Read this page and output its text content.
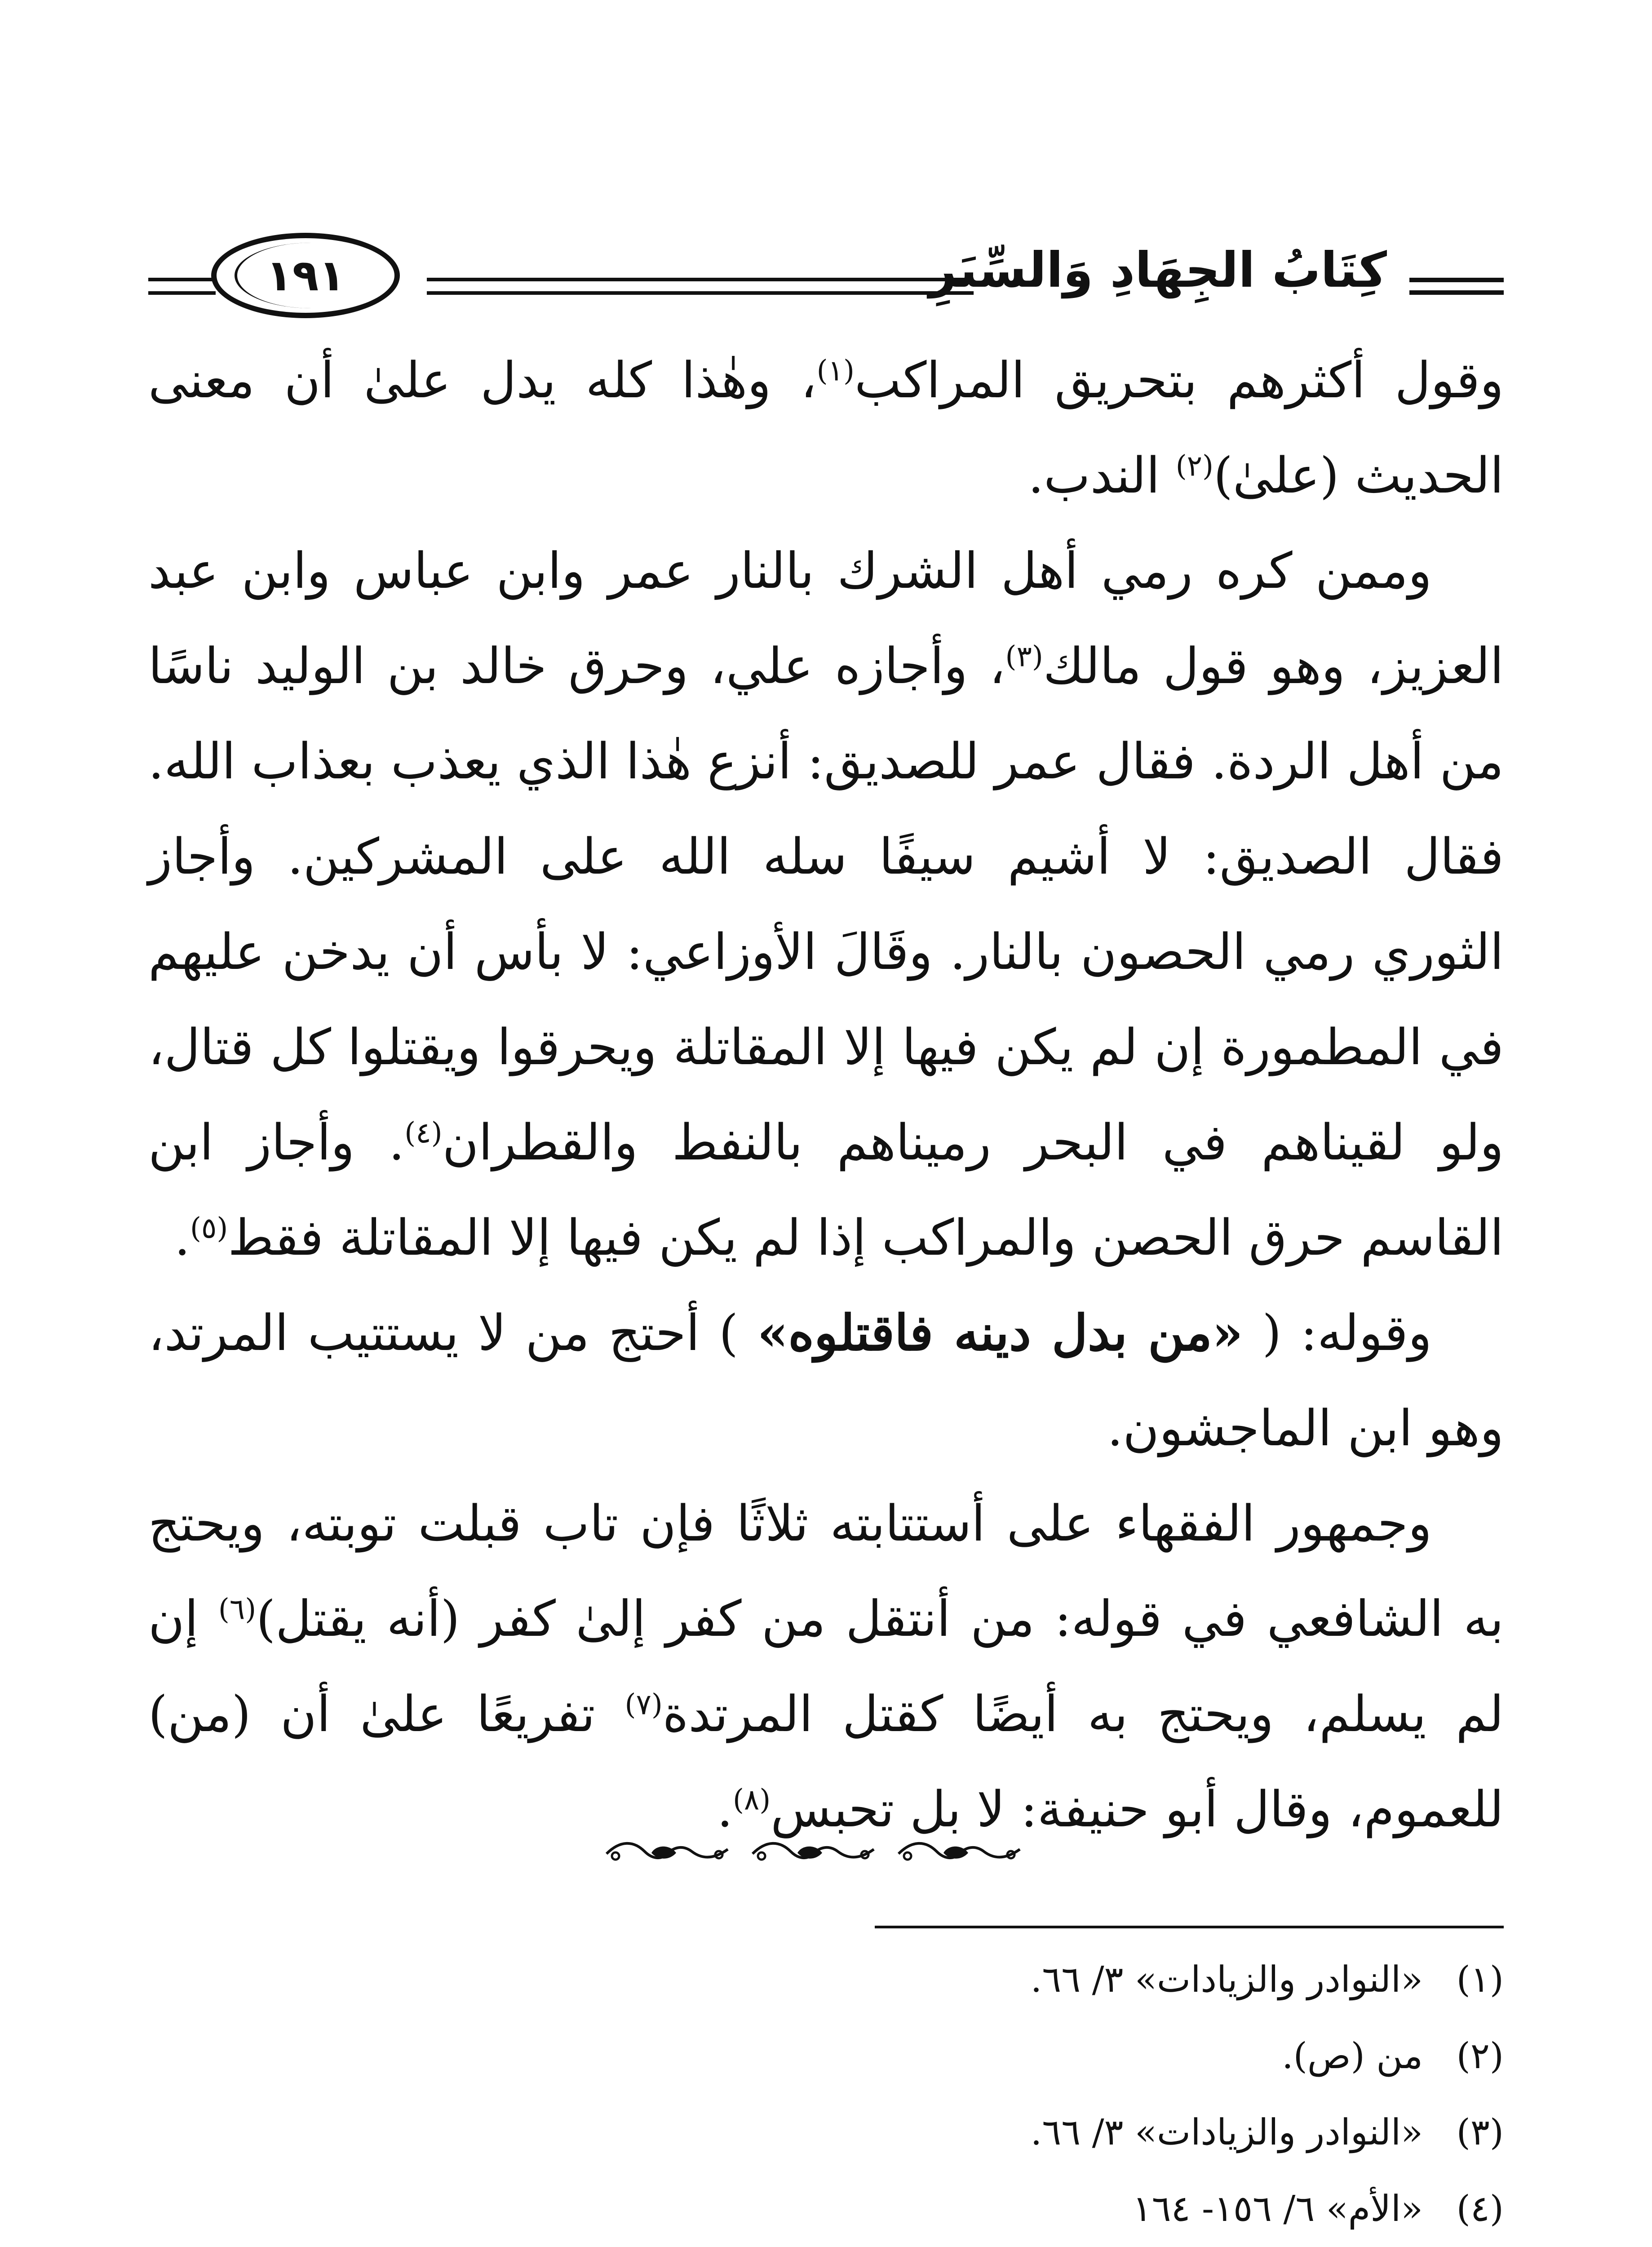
كِتَابُ الجِهَادِ وَالسِّيَرِ
١٩١

وقول أكثرهم بتحريق المراكب$^{(١)}$، وهٰذا كله يدل علىٰ أن معنى الحديث (علىٰ)$^{(٢)}$ الندب.

وممن كره رمي أهل الشرك بالنار عمر وابن عباس وابن عبد العزيز، وهو قول مالك$^{(٣)}$، وأجازه علي، وحرق خالد بن الوليد ناسًا من أهل الردة. فقال عمر للصديق: أنزع هٰذا الذي يعذب بعذاب الله. فقال الصديق: لا أشيم سيفًا سله الله على المشركين. وأجاز الثوري رمي الحصون بالنار. وقَالَ الأوزاعي: لا بأس أن يدخن عليهم في المطمورة إن لم يكن فيها إلا المقاتلة ويحرقوا ويقتلوا كل قتال، ولو لقيناهم في البحر رميناهم بالنفط والقطران$^{(٤)}$. وأجاز ابن القاسم حرق الحصن والمراكب إذا لم يكن فيها إلا المقاتلة فقط$^{(٥)}$.

وقوله: ( «من بدل دينه فاقتلوه» ) أحتج من لا يستتيب المرتد، وهو ابن الماجشون.

وجمهور الفقهاء على أستتابته ثلاثًا فإن تاب قبلت توبته، ويحتج به الشافعي في قوله: من أنتقل من كفر إلىٰ كفر (أنه يقتل)$^{(٦)}$ إن لم يسلم، ويحتج به أيضًا كقتل المرتدة$^{(٧)}$ تفريعًا علىٰ أن (من) للعموم، وقال أبو حنيفة: لا بل تحبس$^{(٨)}$.

(١)
«النوادر والزيادات» ٣/ ٦٦.
(٢)
من (ص).
(٣)
«النوادر والزيادات» ٣/ ٦٦.
(٤)
«الأم» ٦/ ١٥٦- ١٦٤
